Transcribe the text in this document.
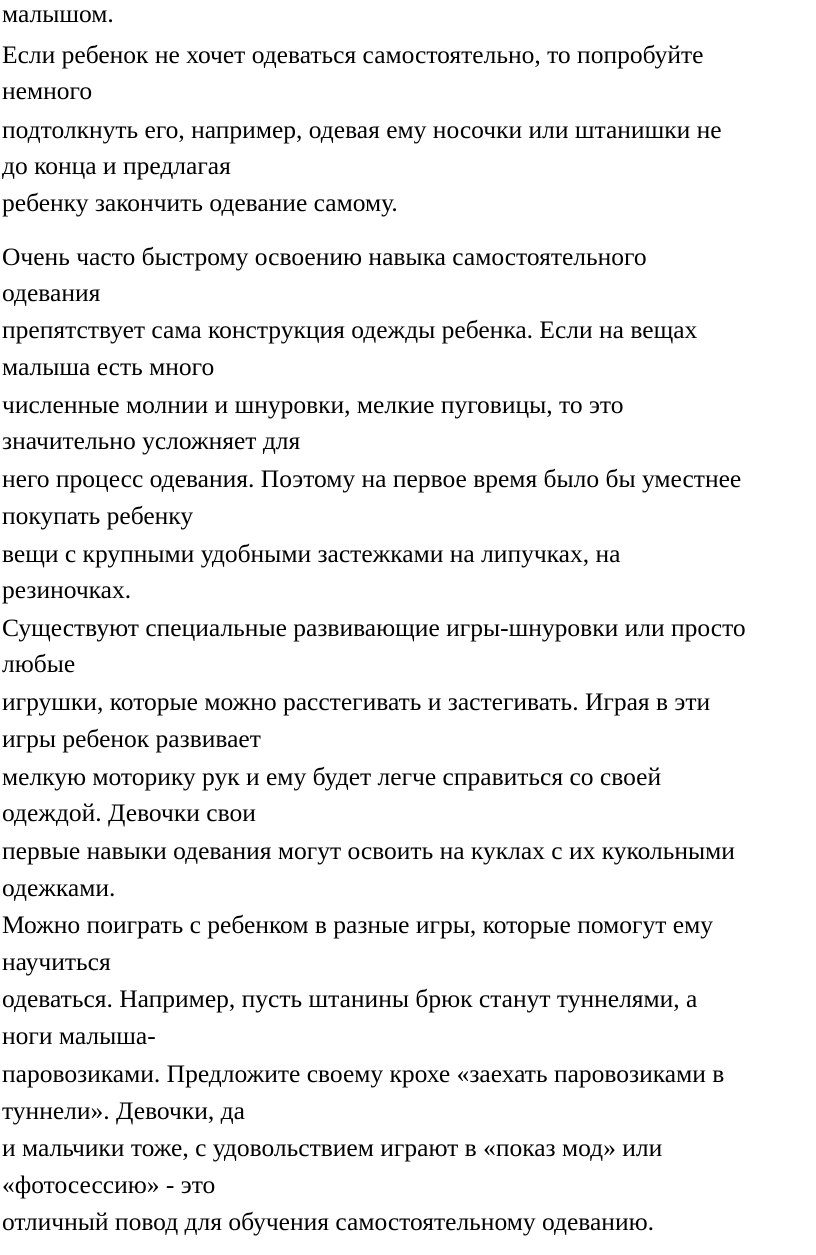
малышом.
Если ребенок не хочет одеваться самостоятельно, то попробуйте
немного
подтолкнуть его, например, одевая ему носочки или штанишки не
до конца и предлагая
ребенку закончить одевание самому.
Очень часто быстрому освоению навыка самостоятельного
одевания
препятствует сама конструкция одежды ребенка. Если на вещах
малыша есть много
численные молнии и шнуровки, мелкие пуговицы, то это
значительно усложняет для
него процесс одевания. Поэтому на первое время было бы уместнее
покупать ребенку
вещи с крупными удобными застежками на липучках, на
резиночках.
Существуют специальные развивающие игры-шнуровки или просто
любые
игрушки, которые можно расстегивать и застегивать. Играя в эти
игры ребенок развивает
мелкую моторику рук и ему будет легче справиться со своей
одеждой. Девочки свои
первые навыки одевания могут освоить на куклах с их кукольными
одежками.
Можно поиграть с ребенком в разные игры, которые помогут ему
научиться
одеваться. Например, пусть штанины брюк станут туннелями, а
ноги малыша-
паровозиками. Предложите своему крохе «заехать паровозиками в
туннели». Девочки, да
и мальчики тоже, с удовольствием играют в «показ мод» или
«фотосессию» - это
отличный повод для обучения самостоятельному одеванию.
